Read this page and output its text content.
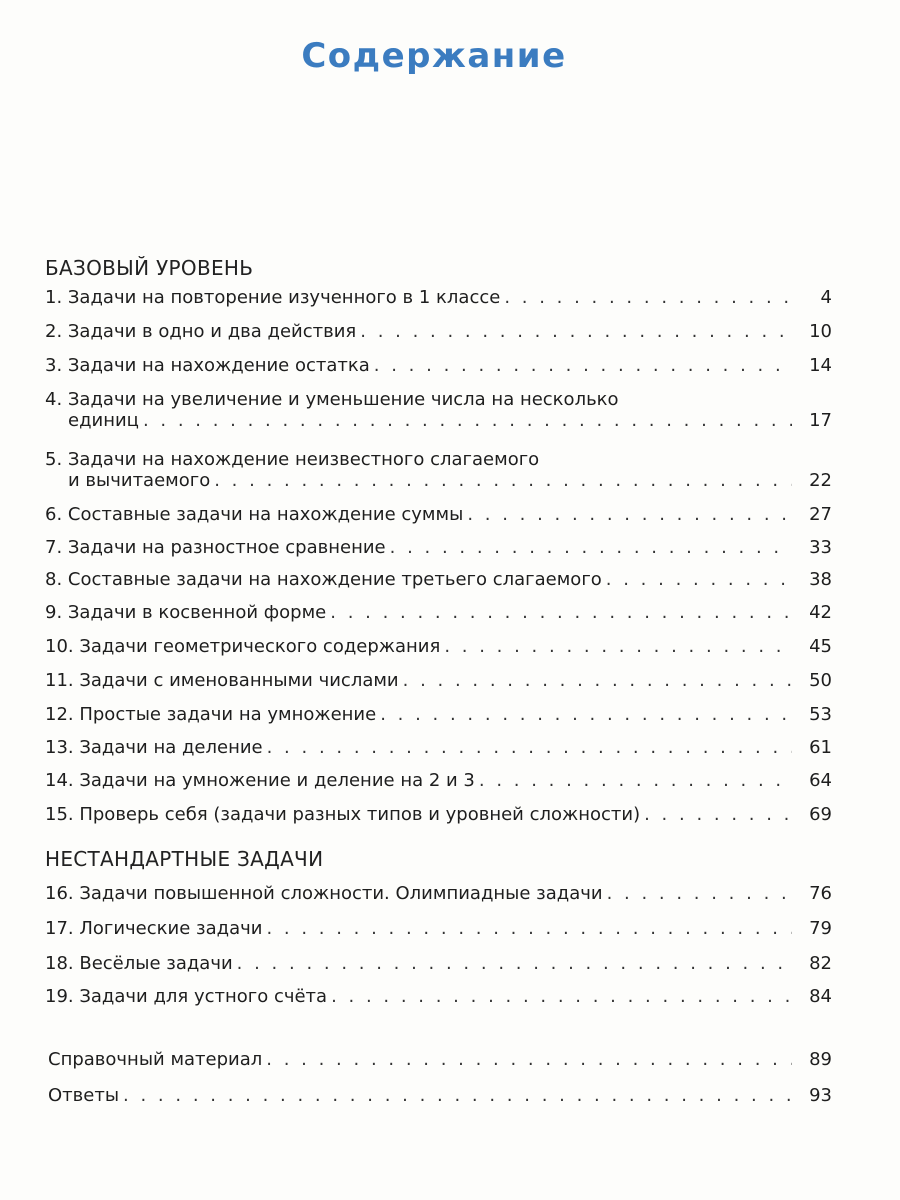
Содержание
БАЗОВЫЙ УРОВЕНЬ
НЕСТАНДАРТНЫЕ ЗАДАЧИ
1. Задачи на повторение изученного в 1 классе . . .	4
2. Задачи в одно и два действия . . .	10
3. Задачи на нахождение остатка . . .	14
4. Задачи на увеличение и уменьшение числа на несколько
единиц . . .	17
5. Задачи на нахождение неизвестного слагаемого
и вычитаемого . . .	22
6. Составные задачи на нахождение суммы . . .	27
7. Задачи на разностное сравнение . . .	33
8. Составные задачи на нахождение третьего слагаемого . . .	38
9. Задачи в косвенной форме . . .	42
10. Задачи геометрического содержания . . .	45
11. Задачи с именованными числами . . .	50
12. Простые задачи на умножение . . .	53
13. Задачи на деление . . .	61
14. Задачи на умножение и деление на 2 и 3 . . .	64
15. Проверь себя (задачи разных типов и уровней сложности) . . .	69
16. Задачи повышенной сложности. Олимпиадные задачи . . .	76
17. Логические задачи . . .	79
18. Весёлые задачи . . .	82
19. Задачи для устного счёта . . .	84
Справочный материал . . .	89
Ответы . . .	93
